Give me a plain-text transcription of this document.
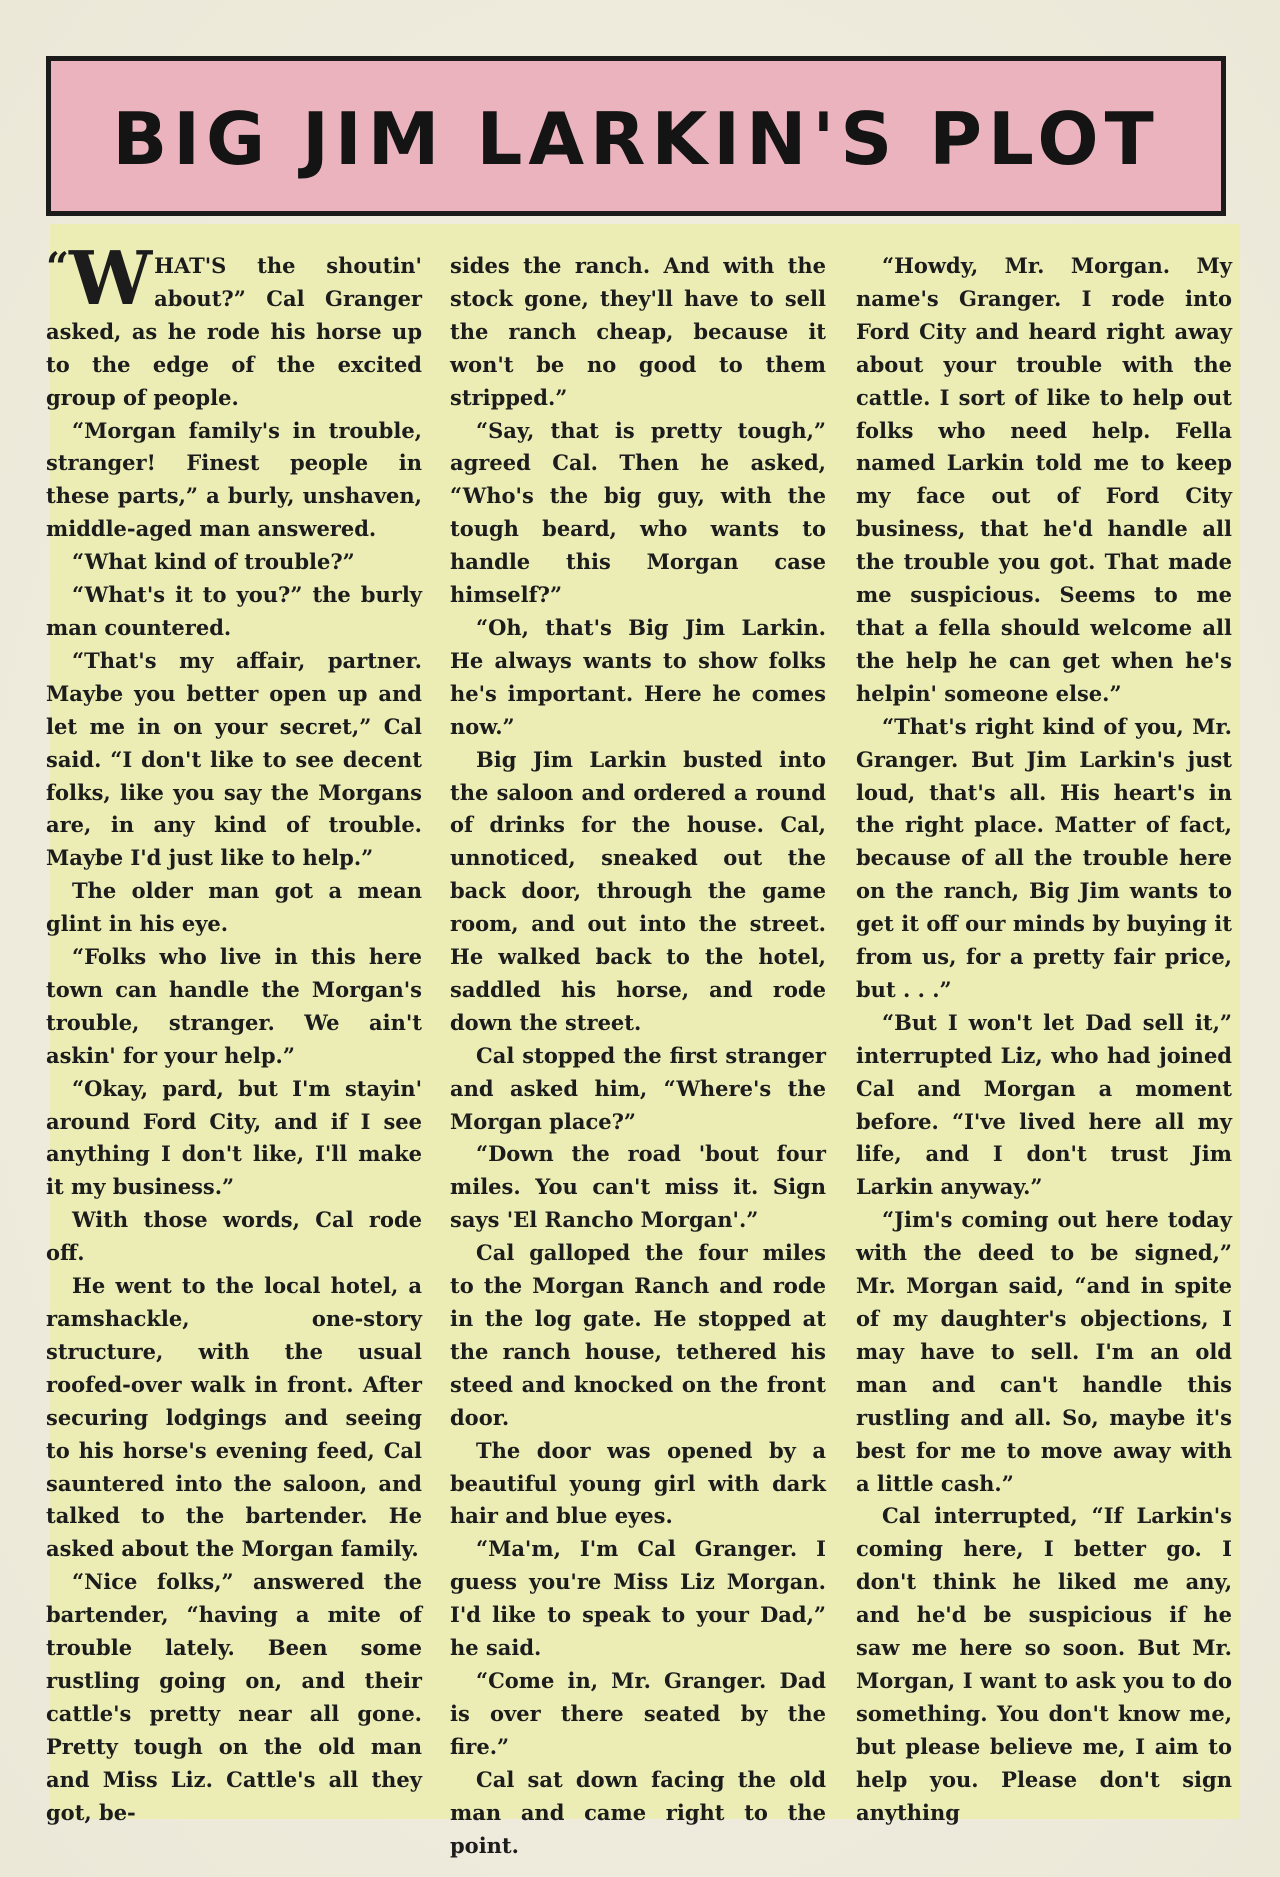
BIG JIM LARKIN'S PLOT

“W HAT'S the shoutin' about?” Cal Granger asked, as he rode his horse up to the edge of the excited group of people.

“Morgan family's in trouble, stranger! Finest people in these parts,” a burly, unshaven, middle-aged man answered.

“What kind of trouble?”

“What's it to you?” the burly man countered.

“That's my affair, partner. Maybe you better open up and let me in on your secret,” Cal said. “I don't like to see decent folks, like you say the Morgans are, in any kind of trouble. Maybe I'd just like to help.”

The older man got a mean glint in his eye.

“Folks who live in this here town can handle the Morgan's trouble, stranger. We ain't askin' for your help.”

“Okay, pard, but I'm stayin' around Ford City, and if I see anything I don't like, I'll make it my business.”

With those words, Cal rode off.

He went to the local hotel, a ramshackle, one-story structure, with the usual roofed-over walk in front. After securing lodgings and seeing to his horse's evening feed, Cal sauntered into the saloon, and talked to the bartender. He asked about the Morgan family.

“Nice folks,” answered the bartender, “having a mite of trouble lately. Been some rustling going on, and their cattle's pretty near all gone. Pretty tough on the old man and Miss Liz. Cattle's all they got, be-

sides the ranch. And with the stock gone, they'll have to sell the ranch cheap, because it won't be no good to them stripped.”

“Say, that is pretty tough,” agreed Cal. Then he asked, “Who's the big guy, with the tough beard, who wants to handle this Morgan case himself?”

“Oh, that's Big Jim Larkin. He always wants to show folks he's important. Here he comes now.”

Big Jim Larkin busted into the saloon and ordered a round of drinks for the house. Cal, unnoticed, sneaked out the back door, through the game room, and out into the street. He walked back to the hotel, saddled his horse, and rode down the street.

Cal stopped the first stranger and asked him, “Where's the Morgan place?”

“Down the road 'bout four miles. You can't miss it. Sign says 'El Rancho Morgan'.”

Cal galloped the four miles to the Morgan Ranch and rode in the log gate. He stopped at the ranch house, tethered his steed and knocked on the front door.

The door was opened by a beautiful young girl with dark hair and blue eyes.

“Ma'm, I'm Cal Granger. I guess you're Miss Liz Morgan. I'd like to speak to your Dad,” he said.

“Come in, Mr. Granger. Dad is over there seated by the fire.”

Cal sat down facing the old man and came right to the point.

“Howdy, Mr. Morgan. My name's Granger. I rode into Ford City and heard right away about your trouble with the cattle. I sort of like to help out folks who need help. Fella named Larkin told me to keep my face out of Ford City business, that he'd handle all the trouble you got. That made me suspicious. Seems to me that a fella should welcome all the help he can get when he's helpin' someone else.”

“That's right kind of you, Mr. Granger. But Jim Larkin's just loud, that's all. His heart's in the right place. Matter of fact, because of all the trouble here on the ranch, Big Jim wants to get it off our minds by buying it from us, for a pretty fair price, but . . .”

“But I won't let Dad sell it,” interrupted Liz, who had joined Cal and Morgan a moment before. “I've lived here all my life, and I don't trust Jim Larkin anyway.”

“Jim's coming out here today with the deed to be signed,” Mr. Morgan said, “and in spite of my daughter's objections, I may have to sell. I'm an old man and can't handle this rustling and all. So, maybe it's best for me to move away with a little cash.”

Cal interrupted, “If Larkin's coming here, I better go. I don't think he liked me any, and he'd be suspicious if he saw me here so soon. But Mr. Morgan, I want to ask you to do something. You don't know me, but please believe me, I aim to help you. Please don't sign anything
